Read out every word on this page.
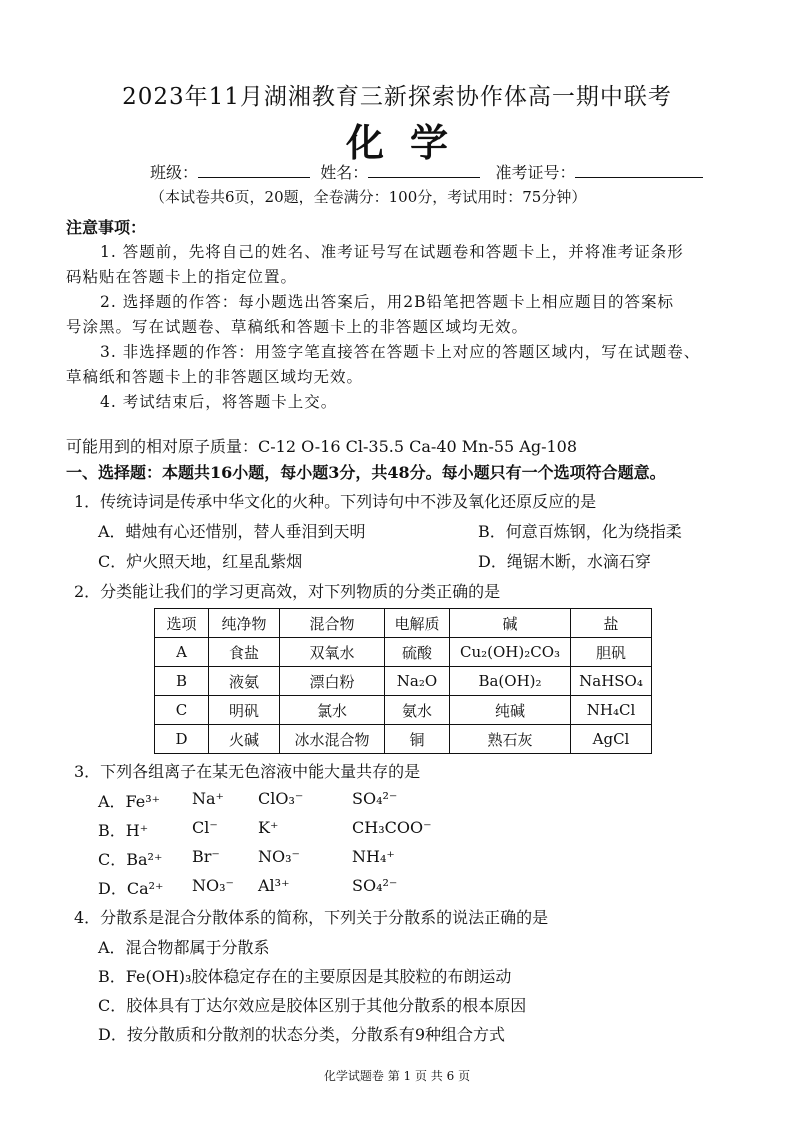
2023年11月湖湘教育三新探索协作体高一期中联考
化学
班级：	姓名：	准考证号：
（本试卷共6页，20题，全卷满分：100分，考试用时：75分钟）
注意事项：
1. 答题前，先将自己的姓名、准考证号写在试题卷和答题卡上，并将准考证条形
码粘贴在答题卡上的指定位置。
2. 选择题的作答：每小题选出答案后，用2B铅笔把答题卡上相应题目的答案标
号涂黑。写在试题卷、草稿纸和答题卡上的非答题区域均无效。
3. 非选择题的作答：用签字笔直接答在答题卡上对应的答题区域内，写在试题卷、
草稿纸和答题卡上的非答题区域均无效。
4. 考试结束后，将答题卡上交。
可能用到的相对原子质量：C-12 O-16 Cl-35.5 Ca-40 Mn-55 Ag-108
一、选择题：本题共16小题，每小题3分，共48分。每小题只有一个选项符合题意。
1．传统诗词是传承中华文化的火种。下列诗句中不涉及氧化还原反应的是
A．蜡烛有心还惜别，替人垂泪到天明	B．何意百炼钢，化为绕指柔
C．炉火照天地，红星乱紫烟	D．绳锯木断，水滴石穿
2．分类能让我们的学习更高效，对下列物质的分类正确的是
选项	纯净物	混合物	电解质	碱	盐
A	食盐	双氧水	硫酸	Cu₂(OH)₂CO₃	胆矾
B	液氨	漂白粉	Na₂O	Ba(OH)₂	NaHSO₄
C	明矾	氯水	氨水	纯碱	NH₄Cl
D	火碱	冰水混合物	铜	熟石灰	AgCl
3．下列各组离子在某无色溶液中能大量共存的是
A．Fe³⁺ Na⁺ ClO₃⁻	SO₄²⁻
B．H⁺	Cl⁻	K⁺	CH₃COO⁻
C．Ba²⁺ Br⁻ NO₃⁻	NH₄⁺
D．Ca²⁺ NO₃⁻ Al³⁺	SO₄²⁻
4．分散系是混合分散体系的简称，下列关于分散系的说法正确的是
A．混合物都属于分散系
B．Fe(OH)₃胶体稳定存在的主要原因是其胶粒的布朗运动
C．胶体具有丁达尔效应是胶体区别于其他分散系的根本原因
D．按分散质和分散剂的状态分类，分散系有9种组合方式
化学试题卷 第 1 页 共 6 页
